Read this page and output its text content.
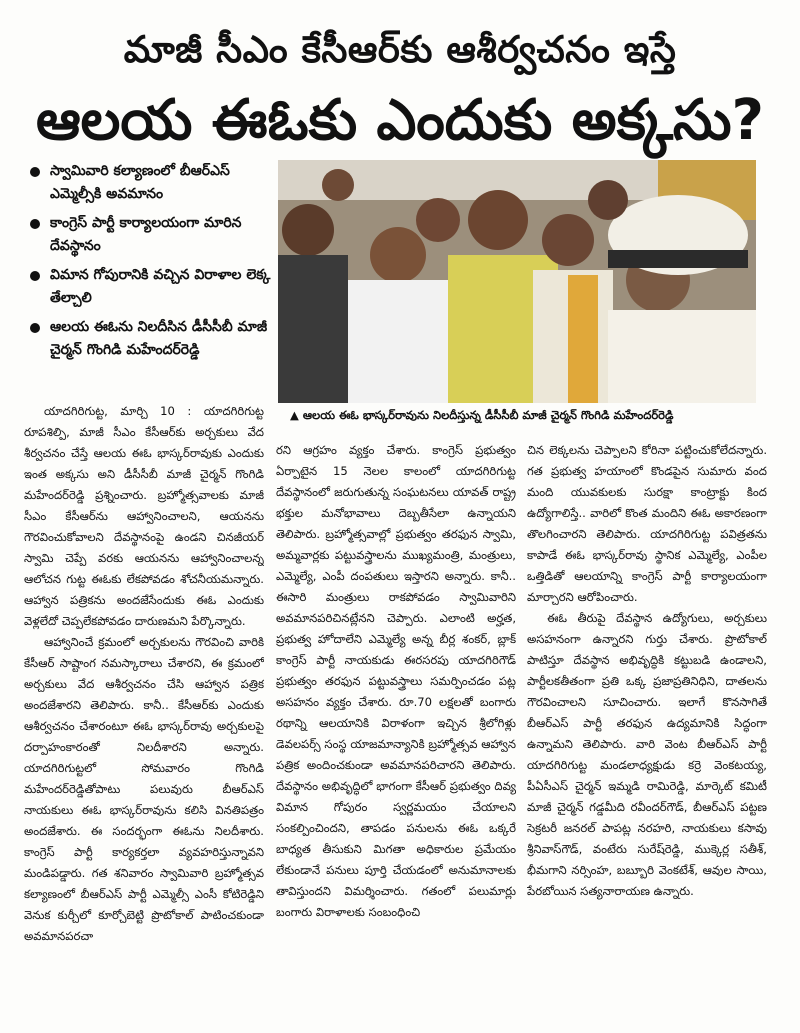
మాజీ సీఎం కేసీఆర్‌కు ఆశీర్వచనం ఇస్తే
ఆలయ ఈఓకు ఎందుకు అక్కసు?
స్వామివారి కల్యాణంలో బీఆర్‌ఎస్‌ ఎమ్మెల్సీకి అవమానం
కాంగ్రెస్‌ పార్టీ కార్యాలయంగా మారిన దేవస్థానం
విమాన గోపురానికి వచ్చిన విరాళాల లెక్క తేల్చాలి
ఆలయ ఈఓను నిలదీసిన డీసీసీబీ మాజీ చైర్మన్‌ గొంగిడి మహేందర్‌రెడ్డి
▲ ఆలయ ఈఓ భాస్కర్‌రావును నిలదీస్తున్న డీసీసీబీ మాజీ చైర్మన్‌ గొంగిడి మహేందర్‌రెడ్డి

యాదగిరిగుట్ట, మార్చి 10 : యాదగిరిగుట్ట రూపశిల్పి, మాజీ సీఎం కేసీఆర్‌కు అర్చకులు వేద శీర్వచనం చేస్తే ఆలయ ఈఓ భాస్కర్‌రావుకు ఎందుకు ఇంత అక్కసు అని డీసీసీబీ మాజీ చైర్మన్‌ గొంగిడి మహేందర్‌రెడ్డి ప్రశ్నించారు. బ్రహ్మోత్సవాలకు మాజీ సీఎం కేసీఆర్‌ను ఆహ్వానించాలని, ఆయనను గౌరవించుకోవాలని దేవస్థానంపై ఉండని చినజీయర్‌ స్వామి చెప్పే వరకు ఆయనను ఆహ్వానించాలన్న ఆలోచన గుట్ట ఈఓకు లేకపోవడం శోచనీయమన్నారు. ఆహ్వాన పత్రికను అందజేసేందుకు ఈఓ ఎందుకు వెళ్లలేదో చెప్పలేకపోవడం దారుణమని పేర్కొన్నారు.

ఆహ్వానించే క్రమంలో అర్చకులను గౌరవించి వారికి కేసీఆర్‌ సాష్టాంగ నమస్కారాలు చేశారని, ఈ క్రమంలో అర్చకులు వేద ఆశీర్వచనం చేసి ఆహ్వాన పత్రిక అందజేశారని తెలిపారు. కానీ.. కేసీఆర్‌కు ఎందుకు ఆశీర్వచనం చేశారంటూ ఈఓ భాస్కర్‌రావు అర్చకులపై దర్పాహంకారంతో నిలదీశారని అన్నారు. యాదగిరిగుట్టలో సోమవారం గొంగిడి మహేందర్‌రెడ్డితోపాటు పలువురు బీఆర్‌ఎస్‌ నాయకులు ఈఓ భాస్కర్‌రావును కలిసి వినతిపత్రం అందజేశారు. ఈ సందర్భంగా ఈఓను నిలదీశారు. కాంగ్రెస్‌ పార్టీ కార్యకర్తలా వ్యవహరిస్తున్నావని మండిపడ్డారు. గత శనివారం స్వామివారి బ్రహ్మోత్సవ కల్యాణంలో బీఆర్‌ఎస్‌ పార్టీ ఎమ్మెల్సీ ఎంసీ కోటిరెడ్డిని వెనుక కుర్చీలో కూర్చోబెట్టి ప్రొటోకాల్‌ పాటించకుండా అవమానపరచా

రని ఆగ్రహం వ్యక్తం చేశారు. కాంగ్రెస్‌ ప్రభుత్వం ఏర్పాటైన 15 నెలల కాలంలో యాదగిరిగుట్ట దేవస్థానంలో జరుగుతున్న సంఘటనలు యావత్‌ రాష్ట్ర భక్తుల మనోభావాలు దెబ్బతీసేలా ఉన్నాయని తెలిపారు. బ్రహ్మోత్సవాల్లో ప్రభుత్వం తరఫున స్వామి, అమ్మవార్లకు పట్టువస్త్రాలను ముఖ్యమంత్రి, మంత్రులు, ఎమ్మెల్యే, ఎంపీ దంపతులు ఇస్తారని అన్నారు. కానీ.. ఈసారి మంత్రులు రాకపోవడం స్వామివారిని అవమానపరిచినట్లేనని చెప్పారు. ఎలాంటి అర్హత, ప్రభుత్వ హోదాలేని ఎమ్మెల్యే అన్న బీర్ల శంకర్‌, బ్లాక్‌ కాంగ్రెస్‌ పార్టీ నాయకుడు ఈరసరపు యాదగిరిగౌడ్‌ ప్రభుత్వం తరఫున పట్టువస్త్రాలు సమర్పించడం పట్ల అసహనం వ్యక్తం చేశారు. రూ.70 లక్షలతో బంగారు రథాన్ని ఆలయానికి విరాళంగా ఇచ్చిన శ్రీలోగిళ్లు డెవలపర్స్‌ సంస్థ యాజమాన్యానికి బ్రహ్మోత్సవ ఆహ్వాన పత్రిక అందించకుండా అవమానపరిచారని తెలిపారు. దేవస్థానం అభివృద్ధిలో భాగంగా కేసీఆర్‌ ప్రభుత్వం దివ్య విమాన గోపురం స్వర్ణమయం చేయాలని సంకల్పించిందని, తాపడం పనులను ఈఓ ఒక్కరే బాధ్యత తీసుకుని మిగతా అధికారుల ప్రమేయం లేకుండానే పనులు పూర్తి చేయడంలో అనుమానాలకు తావిస్తుందని విమర్శించారు. గతంలో పలుమార్లు బంగారు విరాళాలకు సంబంధించి

చిన లెక్కలను చెప్పాలని కోరినా పట్టించుకోలేదన్నారు. గత ప్రభుత్వ హయాంలో కొండపైన సుమారు వంద మంది యువకులకు సురక్షా కాంట్రాక్టు కింద ఉద్యోగాలిస్తే.. వారిలో కొంత మందిని ఈఓ అకారణంగా తొలగించారని తెలిపారు. యాదగిరిగుట్ట పవిత్రతను కాపాడే ఈఓ భాస్కర్‌రావు స్థానిక ఎమ్మెల్యే, ఎంపీల ఒత్తిడితో ఆలయాన్ని కాంగ్రెస్‌ పార్టీ కార్యాలయంగా మార్చారని ఆరోపించారు.

ఈఓ తీరుపై దేవస్థాన ఉద్యోగులు, అర్చకులు అసహనంగా ఉన్నారని గుర్తు చేశారు. ప్రొటోకాల్‌ పాటిస్తూ దేవస్థాన అభివృద్ధికి కట్టుబడి ఉండాలని, పార్టీలకతీతంగా ప్రతి ఒక్క ప్రజాప్రతినిధిని, దాతలను గౌరవించాలని సూచించారు. ఇలాగే కొనసాగితే బీఆర్‌ఎస్‌ పార్టీ తరఫున ఉద్యమానికి సిద్ధంగా ఉన్నామని తెలిపారు. వారి వెంట బీఆర్‌ఎస్‌ పార్టీ యాదగిరిగుట్ట మండలాధ్యక్షుడు కర్రె వెంకటయ్య, పీఏసీఎస్‌ చైర్మన్‌ ఇమ్మడి రామిరెడ్డి, మార్కెట్‌ కమిటీ మాజీ చైర్మన్‌ గడ్డమీది రవీందర్‌గౌడ్‌, బీఆర్‌ఎస్‌ పట్టణ సెక్రటరీ జనరల్‌ పాపట్ల నరహరి, నాయకులు కసావు శ్రీనివాస్‌గౌడ్‌, వంటేరు సురేష్‌రెడ్డి, ముక్కెర్ల సతీశ్‌, భీమగాని నర్సింహ, బబ్బూరి వెంకటేశ్‌, ఆవుల సాయి, పేరబోయిన సత్యనారాయణ ఉన్నారు.
